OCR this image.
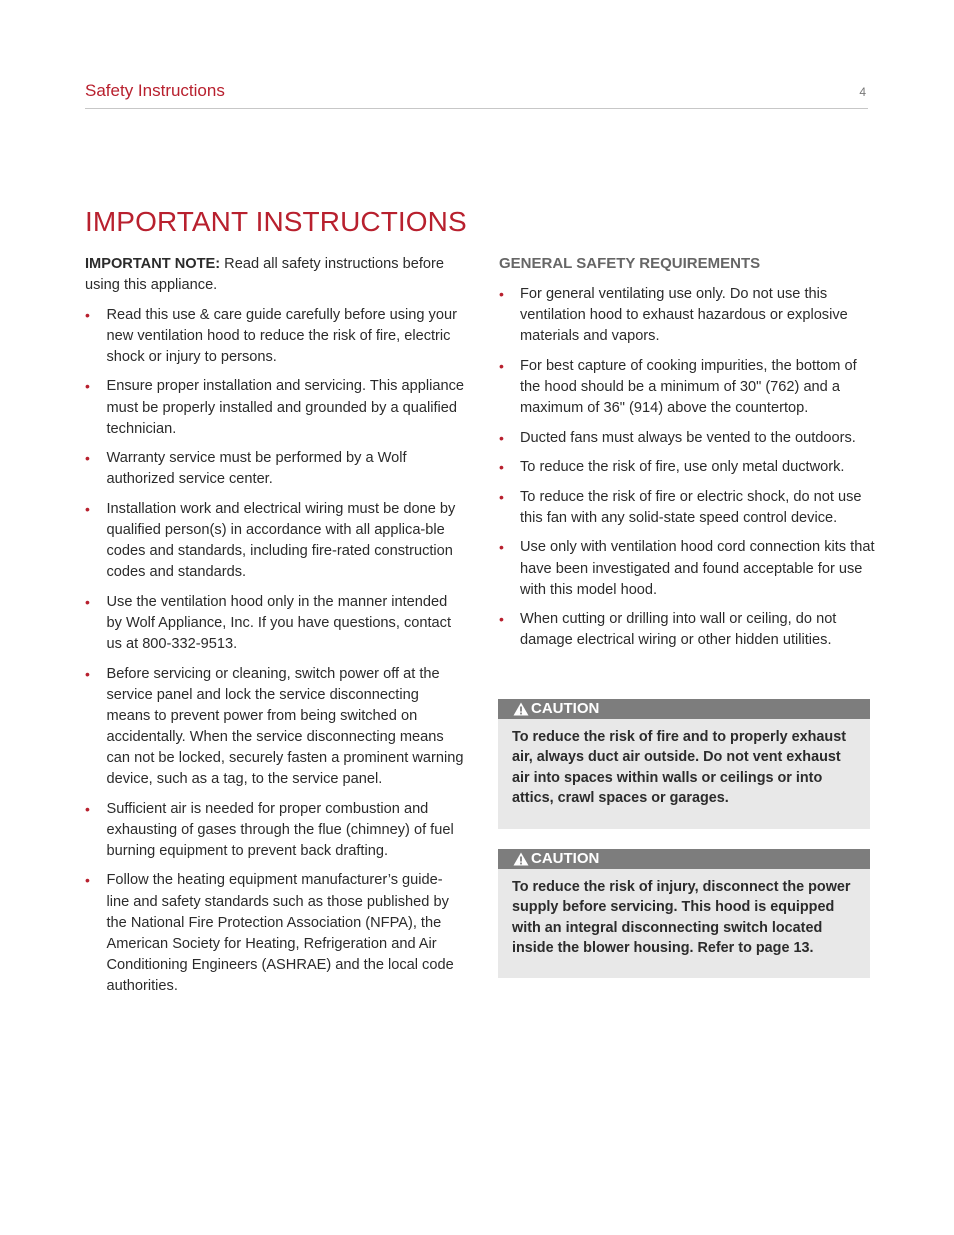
Safety Instructions	4
IMPORTANT INSTRUCTIONS

IMPORTANT NOTE: Read all safety instructions before using this appliance.

• Read this use & care guide carefully before using your new ventilation hood to reduce the risk of fire, electric shock or injury to persons.
• Ensure proper installation and servicing. This appliance must be properly installed and grounded by a qualified technician.
• Warranty service must be performed by a Wolf authorized service center.
• Installation work and electrical wiring must be done by qualified person(s) in accordance with all applica-ble codes and standards, including fire-rated construction codes and standards.
• Use the ventilation hood only in the manner intended by Wolf Appliance, Inc. If you have questions, contact us at 800-332-9513.
• Before servicing or cleaning, switch power off at the service panel and lock the service disconnecting means to prevent power from being switched on accidentally. When the service disconnecting means can not be locked, securely fasten a prominent warning device, such as a tag, to the service panel.
• Sufficient air is needed for proper combustion and exhausting of gases through the flue (chimney) of fuel burning equipment to prevent back drafting.
• Follow the heating equipment manufacturer’s guide-line and safety standards such as those published by the National Fire Protection Association (NFPA), the American Society for Heating, Refrigeration and Air Conditioning Engineers (ASHRAE) and the local code authorities.
GENERAL SAFETY REQUIREMENTS
• For general ventilating use only. Do not use this ventilation hood to exhaust hazardous or explosive materials and vapors.
• For best capture of cooking impurities, the bottom of the hood should be a minimum of 30" (762) and a maximum of 36" (914) above the countertop.
• Ducted fans must always be vented to the outdoors.
• To reduce the risk of fire, use only metal ductwork.
• To reduce the risk of fire or electric shock, do not use this fan with any solid-state speed control device.
• Use only with ventilation hood cord connection kits that have been investigated and found acceptable for use with this model hood.
• When cutting or drilling into wall or ceiling, do not damage electrical wiring or other hidden utilities.
CAUTION

To reduce the risk of fire and to properly exhaust air, always duct air outside. Do not vent exhaust air into spaces within walls or ceilings or into attics, crawl spaces or garages.

CAUTION

To reduce the risk of injury, disconnect the power supply before servicing. This hood is equipped with an integral disconnecting switch located inside the blower housing. Refer to page 13.
